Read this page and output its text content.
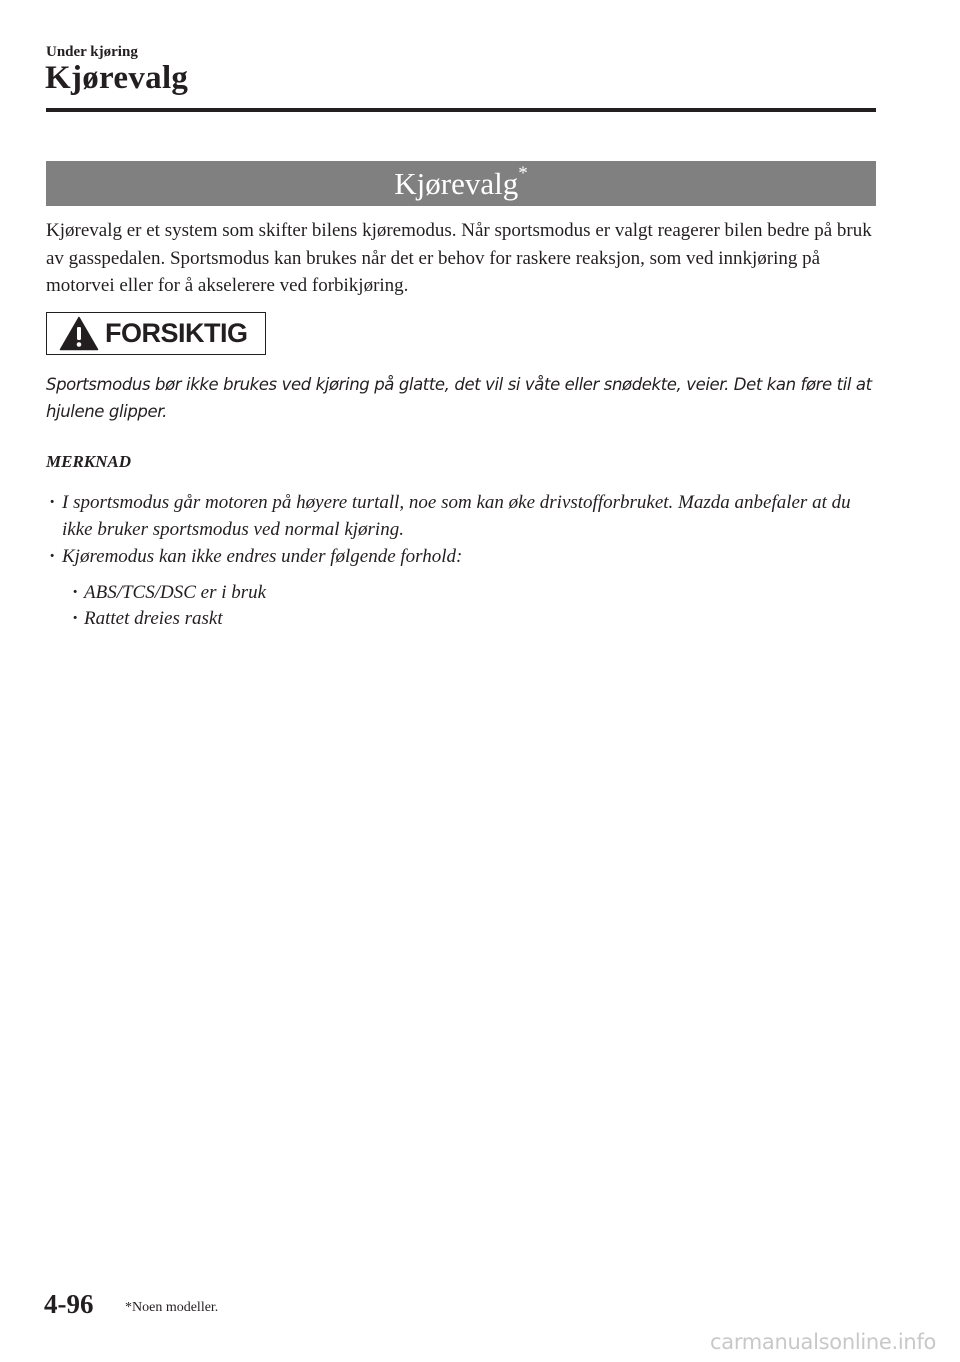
Under kjøring
Kjørevalg
Kjørevalg*

Kjørevalg er et system som skifter bilens kjøremodus. Når sportsmodus er valgt reagerer bilen bedre på bruk av gasspedalen. Sportsmodus kan brukes når det er behov for raskere reaksjon, som ved innkjøring på motorvei eller for å akselerere ved forbikjøring.

FORSIKTIG

Sportsmodus bør ikke brukes ved kjøring på glatte, det vil si våte eller snødekte, veier. Det kan føre til at hjulene glipper.

MERKNAD
· I sportsmodus går motoren på høyere turtall, noe som kan øke drivstofforbruket. Mazda anbefaler at du ikke bruker sportsmodus ved normal kjøring.
· Kjøremodus kan ikke endres under følgende forhold:
· ABS/TCS/DSC er i bruk
· Rattet dreies raskt
4-96 *Noen modeller.
carmanualsonline.info
